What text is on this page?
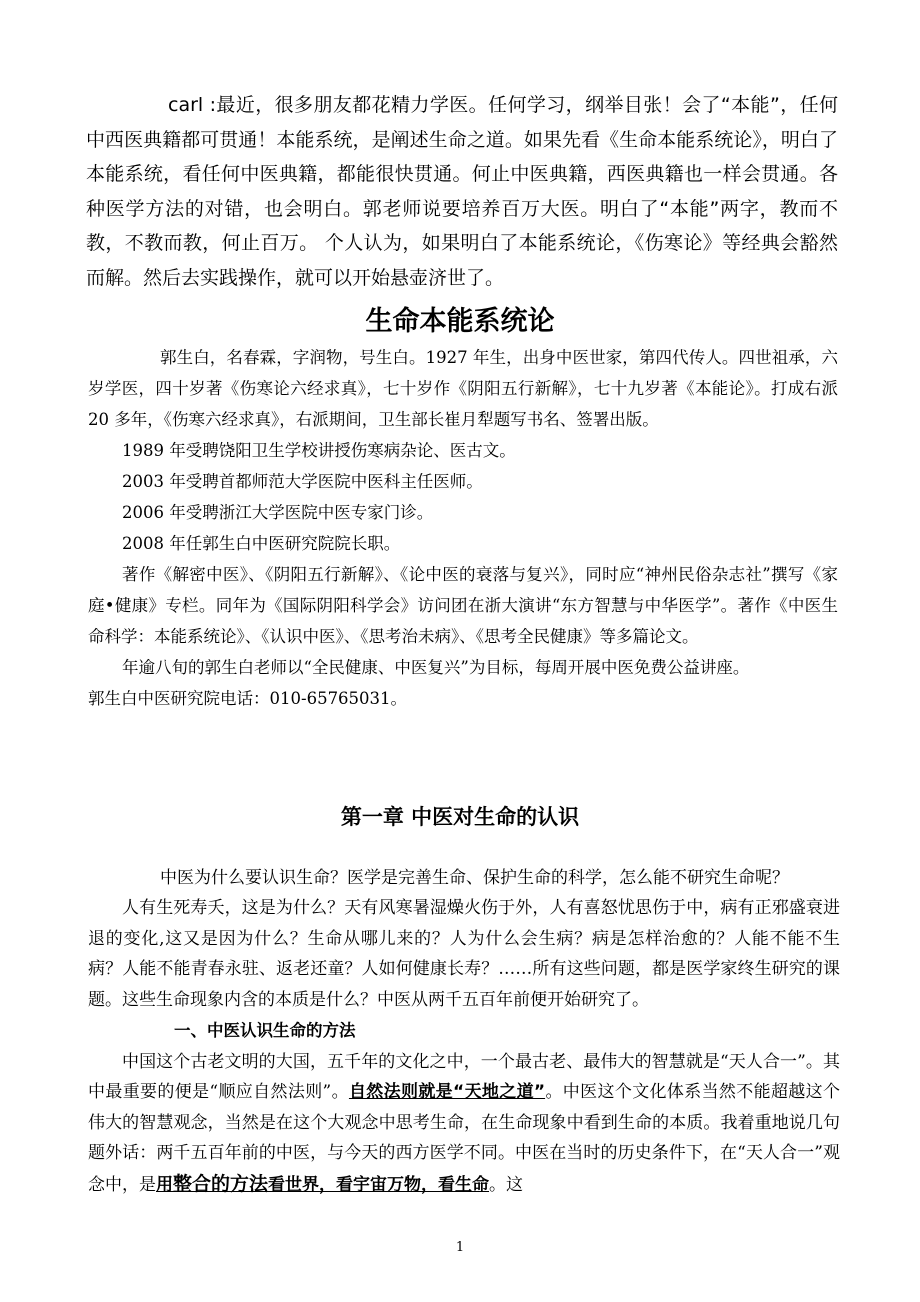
carl :最近，很多朋友都花精力学医。任何学习，纲举目张！会了“本能”，任何中西医典籍都可贯通！本能系统，是阐述生命之道。如果先看《生命本能系统论》，明白了本能系统，看任何中医典籍，都能很快贯通。何止中医典籍，西医典籍也一样会贯通。各种医学方法的对错，也会明白。郭老师说要培养百万大医。明白了“本能”两字，教而不教，不教而教，何止百万。 个人认为，如果明白了本能系统论，《伤寒论》等经典会豁然而解。然后去实践操作，就可以开始悬壶济世了。

生命本能系统论

郭生白，名春霖，字润物，号生白。1927 年生，出身中医世家，第四代传人。四世祖承，六岁学医，四十岁著《伤寒论六经求真》，七十岁作《阴阳五行新解》，七十九岁著《本能论》。打成右派 20 多年，《伤寒六经求真》，右派期间，卫生部长崔月犁题写书名、签署出版。

1989 年受聘饶阳卫生学校讲授伤寒病杂论、医古文。

2003 年受聘首都师范大学医院中医科主任医师。

2006 年受聘浙江大学医院中医专家门诊。

2008 年任郭生白中医研究院院长职。

著作《解密中医》、《阴阳五行新解》、《论中医的衰落与复兴》，同时应“神州民俗杂志社”撰写《家庭•健康》专栏。同年为《国际阴阳科学会》访问团在浙大演讲“东方智慧与中华医学”。著作《中医生命科学：本能系统论》、《认识中医》、《思考治未病》、《思考全民健康》等多篇论文。

年逾八旬的郭生白老师以“全民健康、中医复兴”为目标，每周开展中医免费公益讲座。

郭生白中医研究院电话：010-65765031。
第一章 中医对生命的认识

中医为什么要认识生命？医学是完善生命、保护生命的科学，怎么能不研究生命呢？

人有生死寿夭，这是为什么？天有风寒暑湿燥火伤于外，人有喜怒忧思伤于中，病有正邪盛衰进退的变化,这又是因为什么？生命从哪儿来的？人为什么会生病？病是怎样治愈的？人能不能不生病？人能不能青春永驻、返老还童？人如何健康长寿？……所有这些问题，都是医学家终生研究的课题。这些生命现象内含的本质是什么？中医从两千五百年前便开始研究了。

一、中医认识生命的方法

中国这个古老文明的大国，五千年的文化之中，一个最古老、最伟大的智慧就是“天人合一”。其中最重要的便是“顺应自然法则”。自然法则就是“天地之道”。中医这个文化体系当然不能超越这个伟大的智慧观念，当然是在这个大观念中思考生命，在生命现象中看到生命的本质。我着重地说几句题外话：两千五百年前的中医，与今天的西方医学不同。中医在当时的历史条件下，在“天人合一”观念中，是用整合的方法看世界，看宇宙万物，看生命。这

1
